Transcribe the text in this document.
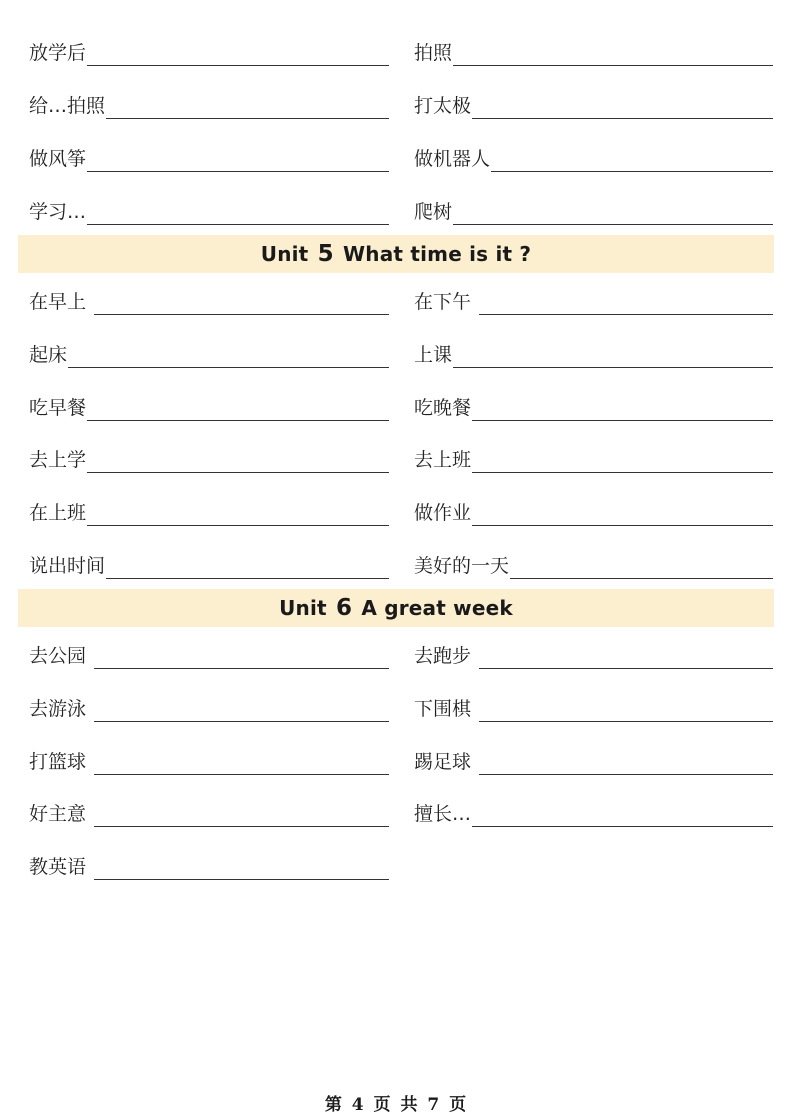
放学后	拍照
给…拍照	打太极
做风筝	做机器人
学习…	爬树
Unit
5
What time is it ?
在早上	在下午
起床	上课
吃早餐	吃晚餐
去上学	去上班
在上班	做作业
说出时间	美好的一天
Unit
6
A great week
去公园	去跑步
去游泳	下围棋
打篮球	踢足球
好主意	擅长…
教英语
第 4 页 共 7 页
